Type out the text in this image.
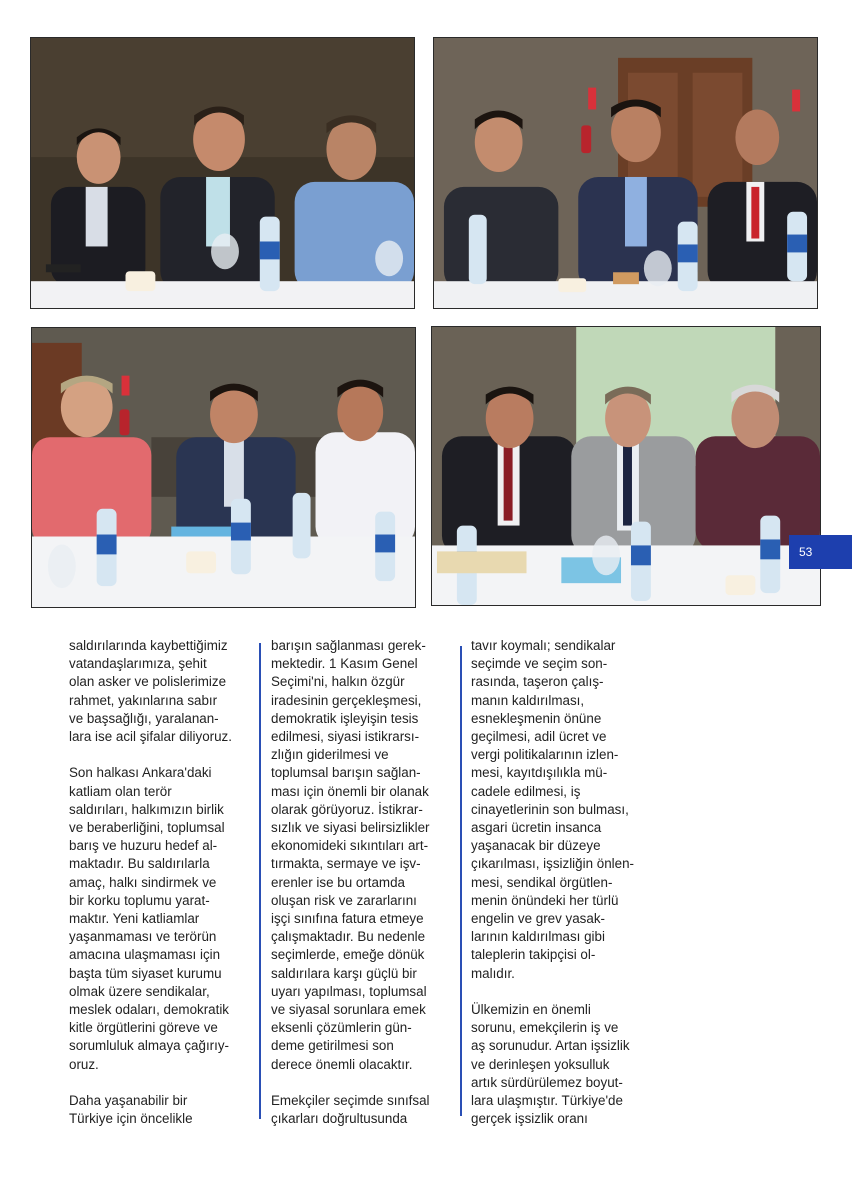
53

saldırılarında kaybettiğimiz
vatandaşlarımıza, şehit
olan asker ve polislerimize
rahmet, yakınlarına sabır
ve başsağlığı, yaralanan-
lara ise acil şifalar diliyoruz.

Son halkası Ankara'daki
katliam olan terör
saldırıları, halkımızın birlik
ve beraberliğini, toplumsal
barış ve huzuru hedef al-
maktadır. Bu saldırılarla
amaç, halkı sindirmek ve
bir korku toplumu yarat-
maktır. Yeni katliamlar
yaşanmaması ve terörün
amacına ulaşmaması için
başta tüm siyaset kurumu
olmak üzere sendikalar,
meslek odaları, demokratik
kitle örgütlerini göreve ve
sorumluluk almaya çağırıy-
oruz.

Daha yaşanabilir bir
Türkiye için öncelikle

barışın sağlanması gerek-
mektedir. 1 Kasım Genel
Seçimi'ni, halkın özgür
iradesinin gerçekleşmesi,
demokratik işleyişin tesis
edilmesi, siyasi istikrarsı-
zlığın giderilmesi ve
toplumsal barışın sağlan-
ması için önemli bir olanak
olarak görüyoruz. İstikrar-
sızlık ve siyasi belirsizlikler
ekonomideki sıkıntıları art-
tırmakta, sermaye ve işv-
erenler ise bu ortamda
oluşan risk ve zararlarını
işçi sınıfına fatura etmeye
çalışmaktadır. Bu nedenle
seçimlerde, emeğe dönük
saldırılara karşı güçlü bir
uyarı yapılması, toplumsal
ve siyasal sorunlara emek
eksenli çözümlerin gün-
deme getirilmesi son
derece önemli olacaktır.

Emekçiler seçimde sınıfsal
çıkarları doğrultusunda

tavır koymalı; sendikalar
seçimde ve seçim son-
rasında, taşeron çalış-
manın kaldırılması,
esnekleşmenin önüne
geçilmesi, adil ücret ve
vergi politikalarının izlen-
mesi, kayıtdışılıkla mü-
cadele edilmesi, iş
cinayetlerinin son bulması,
asgari ücretin insanca
yaşanacak bir düzeye
çıkarılması, işsizliğin önlen-
mesi, sendikal örgütlen-
menin önündeki her türlü
engelin ve grev yasak-
larının kaldırılması gibi
taleplerin takipçisi ol-
malıdır.

Ülkemizin en önemli
sorunu, emekçilerin iş ve
aş sorunudur. Artan işsizlik
ve derinleşen yoksulluk
artık sürdürülemez boyut-
lara ulaşmıştır. Türkiye'de
gerçek işsizlik oranı
